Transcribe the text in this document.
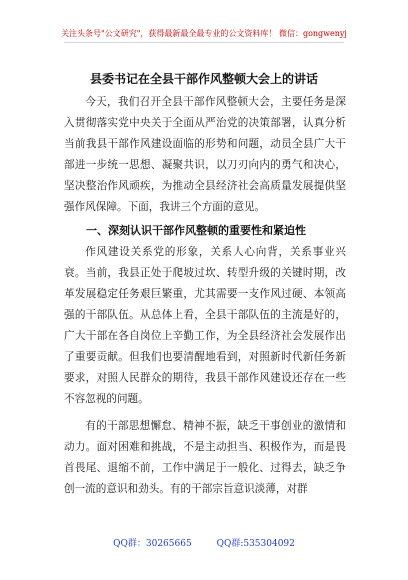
关注头条号"公文研究"，获得最新最全最专业的公文资料库！ 微信：gongwenyj
县委书记在全县干部作风整顿大会上的讲话

今天，我们召开全县干部作风整顿大会，主要任务是深入贯彻落实党中央关于全面从严治党的决策部署，认真分析当前我县干部作风建设面临的形势和问题，动员全县广大干部进一步统一思想、凝聚共识，以刀刃向内的勇气和决心，坚决整治作风顽疾，为推动全县经济社会高质量发展提供坚强作风保障。下面，我讲三个方面的意见。

一、深刻认识干部作风整顿的重要性和紧迫性

作风建设关系党的形象，关系人心向背，关系事业兴衰。当前，我县正处于爬坡过坎、转型升级的关键时期，改革发展稳定任务艰巨繁重，尤其需要一支作风过硬、本领高强的干部队伍。从总体上看，全县干部队伍的主流是好的，广大干部在各自岗位上辛勤工作，为全县经济社会发展作出了重要贡献。但我们也要清醒地看到，对照新时代新任务新要求，对照人民群众的期待，我县干部作风建设还存在一些不容忽视的问题。

有的干部思想懈怠、精神不振，缺乏干事创业的激情和动力。面对困难和挑战，不是主动担当、积极作为，而是畏首畏尾、退缩不前，工作中满足于一般化、过得去，缺乏争创一流的意识和劲头。有的干部宗旨意识淡薄，对群

QQ群：30265665	QQ群:535304092
